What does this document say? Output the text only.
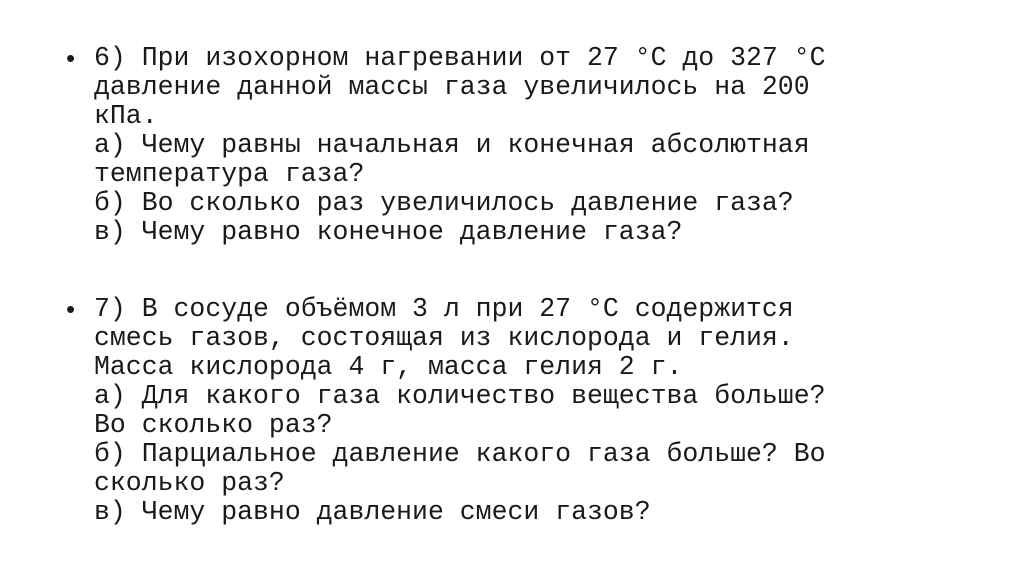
• 6) При изохорном нагревании от 27 °C до 327 °C
давление данной массы газа увеличилось на 200
кПа.
а) Чему равны начальная и конечная абсолютная
температура газа?
б) Во сколько раз увеличилось давление газа?
в) Чему равно конечное давление газа?
• 7) В сосуде объёмом 3 л при 27 °C содержится
смесь газов, состоящая из кислорода и гелия.
Масса кислорода 4 г, масса гелия 2 г.
а) Для какого газа количество вещества больше?
Во сколько раз?
б) Парциальное давление какого газа больше? Во
сколько раз?
в) Чему равно давление смеси газов?
